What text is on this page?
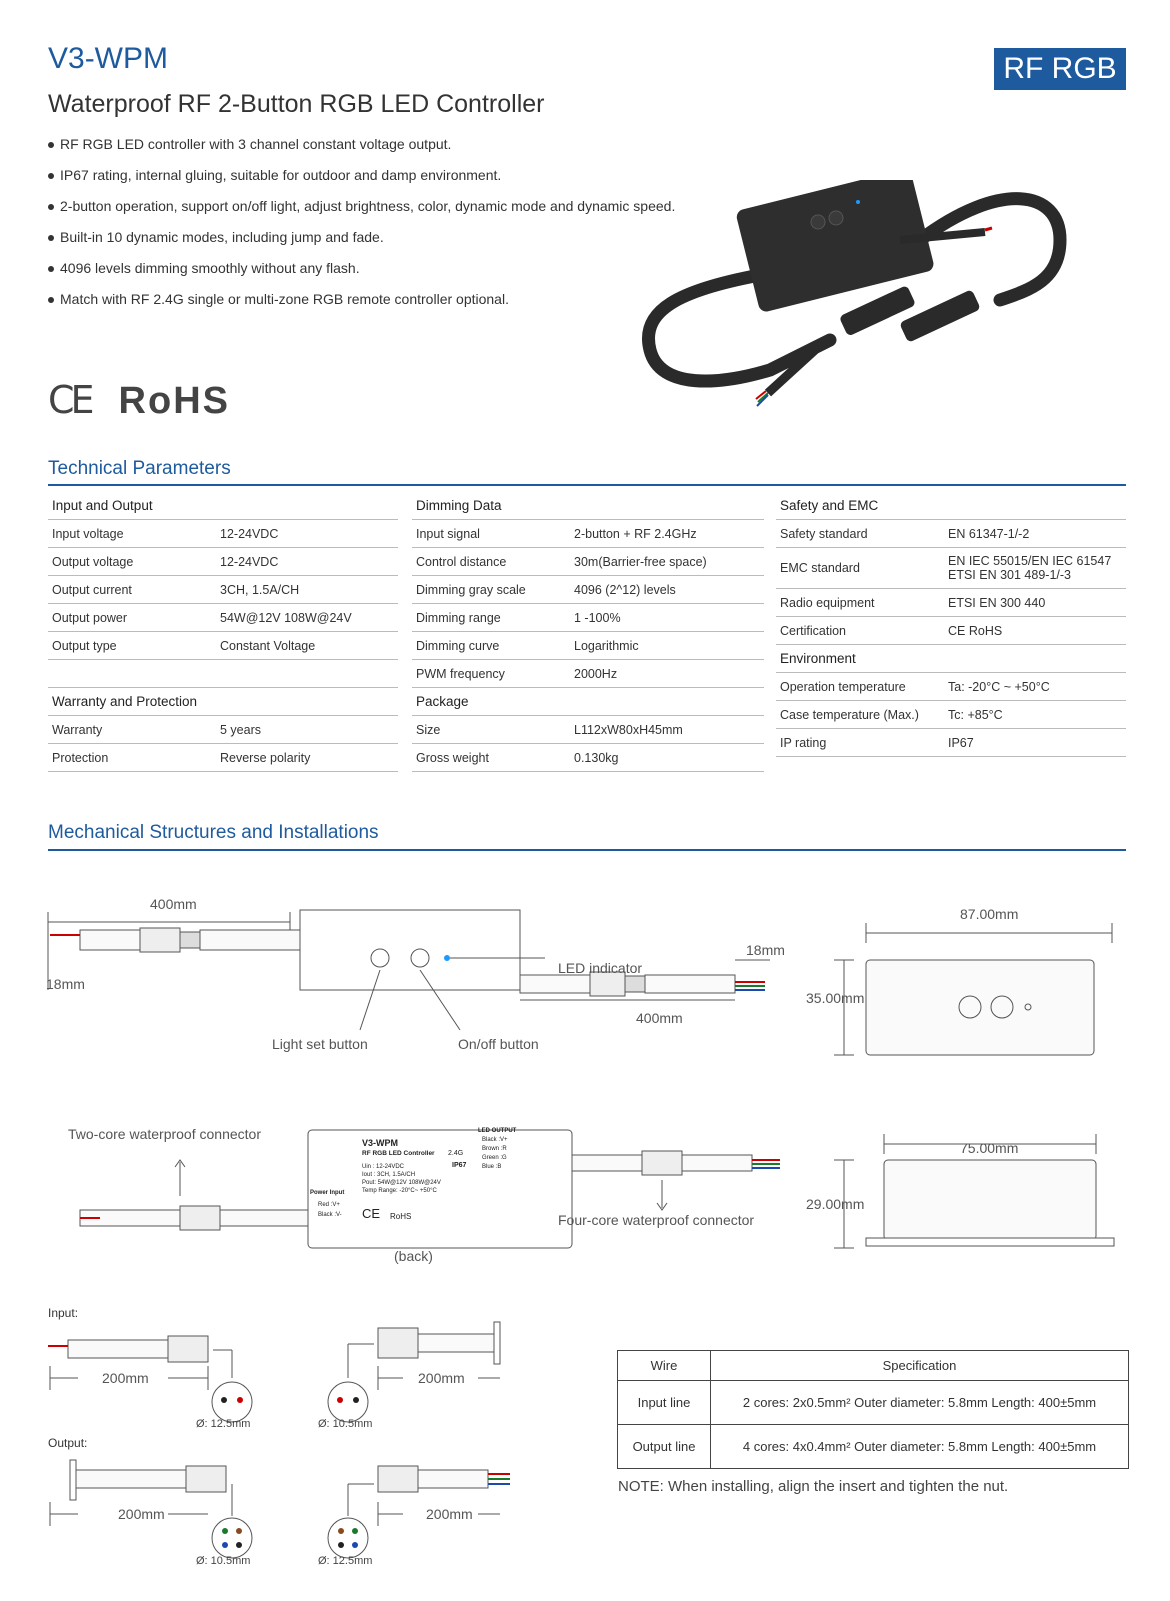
V3-WPM	RF RGB
Waterproof RF 2-Button RGB LED Controller
RF RGB LED controller with 3 channel constant voltage output.
IP67 rating, internal gluing, suitable for outdoor and damp environment.
2-button operation, support on/off light, adjust brightness, color, dynamic mode and dynamic speed.
Built-in 10 dynamic modes, including jump and fade.
4096 levels dimming smoothly without any flash.
Match with RF 2.4G single or multi-zone RGB remote controller optional.
CE RoHS
Technical Parameters
Input and Output	
Input voltage	12-24VDC
Output voltage	12-24VDC
Output current	3CH, 1.5A/CH
Output power	54W@12V 108W@24V
Output type	Constant Voltage

Warranty and Protection	
Warranty	5 years
Protection	Reverse polarity
Dimming Data	
Input signal	2-button + RF 2.4GHz
Control distance	30m(Barrier-free space)
Dimming gray scale	4096 (2^12) levels
Dimming range	1 -100%
Dimming curve	Logarithmic
PWM frequency	2000Hz
Package	
Size	L112xW80xH45mm
Gross weight	0.130kg
Safety and EMC	
Safety standard	EN 61347-1/-2
EMC standard	EN IEC 55015/EN IEC 61547
ETSI EN 301 489-1/-3
Radio equipment	ETSI EN 300 440
Certification	CE RoHS
Environment	
Operation temperature	Ta: -20°C ~ +50°C
Case temperature (Max.)	Tc: +85°C
IP rating	IP67
Mechanical Structures and Installations
400mm
18mm
18mm
LED indicator
400mm
Light set button	On/off button
87.00mm
35.00mm
V3-WPM
RF RGB LED Controller
Uin : 12-24VDC
Iout : 3CH, 1.5A/CH
Pout: 54W@12V 108W@24V
Temp Range: -20°C~ +50°C
2.4G
IP67
LED OUTPUT
Black :V+
Brown :R
Green :G
Blue :B
Power Input
Red :V+
Black :V- CE RoHS
Two-core waterproof connector
Four-core waterproof connector
(back)
75.00mm
29.00mm
Input:
Output:
200mm	200mm
200mm	200mm
Ø: 12.5mm	Ø: 10.5mm
Ø: 10.5mm	Ø: 12.5mm
Wire	Specification
Input line	2 cores: 2x0.5mm² Outer diameter: 5.8mm Length: 400±5mm
Output line	4 cores: 4x0.4mm² Outer diameter: 5.8mm Length: 400±5mm
NOTE: When installing, align the insert and tighten the nut.
